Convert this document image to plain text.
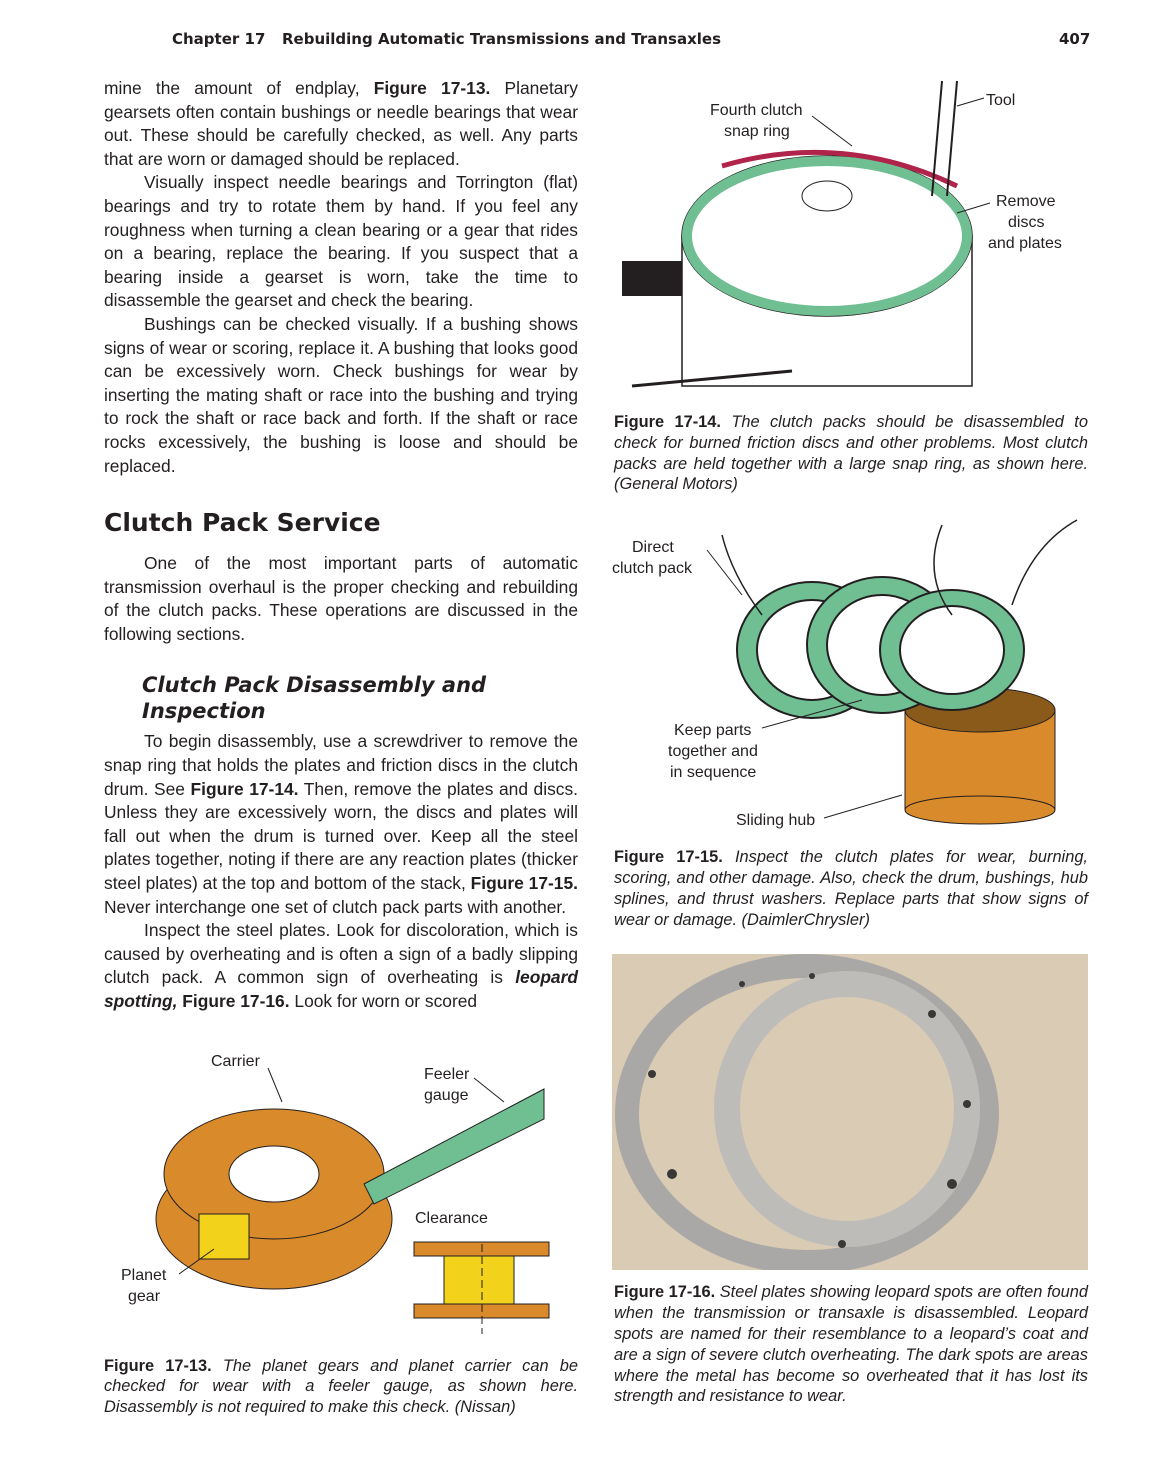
Chapter 17 Rebuilding Automatic Transmissions and Transaxles	407

mine the amount of endplay, Figure 17-13. Planetary gearsets often contain bushings or needle bearings that wear out. These should be carefully checked, as well. Any parts that are worn or damaged should be replaced.

Visually inspect needle bearings and Torrington (flat) bearings and try to rotate them by hand. If you feel any roughness when turning a clean bearing or a gear that rides on a bearing, replace the bearing. If you suspect that a bearing inside a gearset is worn, take the time to disassemble the gearset and check the bearing.

Bushings can be checked visually. If a bushing shows signs of wear or scoring, replace it. A bushing that looks good can be excessively worn. Check bushings for wear by inserting the mating shaft or race into the bushing and trying to rock the shaft or race back and forth. If the shaft or race rocks excessively, the bushing is loose and should be replaced.

Clutch Pack Service

One of the most important parts of automatic transmission overhaul is the proper checking and rebuilding of the clutch packs. These operations are discussed in the following sections.

Clutch Pack Disassembly and Inspection

To begin disassembly, use a screwdriver to remove the snap ring that holds the plates and friction discs in the clutch drum. See Figure 17-14. Then, remove the plates and discs. Unless they are excessively worn, the discs and plates will fall out when the drum is turned over. Keep all the steel plates together, noting if there are any reaction plates (thicker steel plates) at the top and bottom of the stack, Figure 17-15. Never interchange one set of clutch pack parts with another.

Inspect the steel plates. Look for discoloration, which is caused by overheating and is often a sign of a badly slipping clutch pack. A common sign of overheating is leopard spotting, Figure 17-16. Look for worn or scored

Carrier
Feeler
gauge
Clearance
Planet
gear
Figure 17-13. The planet gears and planet carrier can be checked for wear with a feeler gauge, as shown here. Disassembly is not required to make this check. (Nissan)
Fourth clutch
snap ring
Tool
Remove
discs
and plates
Figure 17-14. The clutch packs should be disassembled to check for burned friction discs and other problems. Most clutch packs are held together with a large snap ring, as shown here. (General Motors)
Direct
clutch pack
Keep parts
together and
in sequence
Sliding hub
Figure 17-15. Inspect the clutch plates for wear, burning, scoring, and other damage. Also, check the drum, bushings, hub splines, and thrust washers. Replace parts that show signs of wear or damage. (DaimlerChrysler)
Figure 17-16. Steel plates showing leopard spots are often found when the transmission or transaxle is disassembled. Leopard spots are named for their resemblance to a leopard’s coat and are a sign of severe clutch overheating. The dark spots are areas where the metal has become so overheated that it has lost its strength and resistance to wear.
